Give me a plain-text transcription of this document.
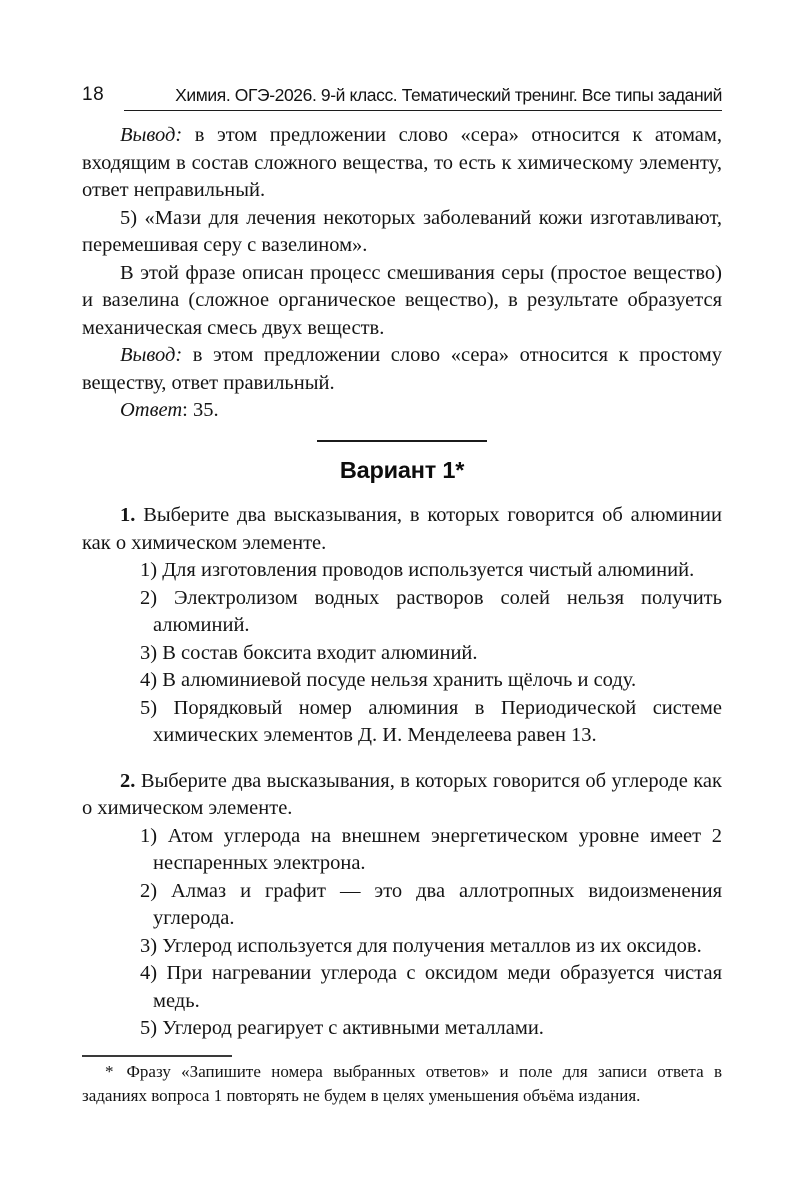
18	Химия. ОГЭ-2026. 9-й класс. Тематический тренинг. Все типы заданий

Вывод: в этом предложении слово «сера» относится к атомам, входящим в состав сложного вещества, то есть к химическому элементу, ответ неправильный.

5) «Мази для лечения некоторых заболеваний кожи изготавливают, перемешивая серу с вазелином».

В этой фразе описан процесс смешивания серы (простое вещество) и вазелина (сложное органическое вещество), в результате образуется механическая смесь двух веществ.

Вывод: в этом предложении слово «сера» относится к простому веществу, ответ правильный.

Ответ: 35.

Вариант 1*

1. Выберите два высказывания, в которых говорится об алюминии как о химическом элементе.

1) Для изготовления проводов используется чистый алюминий.

2) Электролизом водных растворов солей нельзя получить алюминий.

3) В состав боксита входит алюминий.

4) В алюминиевой посуде нельзя хранить щёлочь и соду.

5) Порядковый номер алюминия в Периодической системе химических элементов Д. И. Менделеева равен 13.

2. Выберите два высказывания, в которых говорится об углероде как о химическом элементе.

1) Атом углерода на внешнем энергетическом уровне имеет 2 неспаренных электрона.

2) Алмаз и графит — это два аллотропных видоизменения углерода.

3) Углерод используется для получения металлов из их оксидов.

4) При нагревании углерода с оксидом меди образуется чистая медь.

5) Углерод реагирует с активными металлами.

* Фразу «Запишите номера выбранных ответов» и поле для записи ответа в заданиях вопроса 1 повторять не будем в целях уменьшения объёма издания.
